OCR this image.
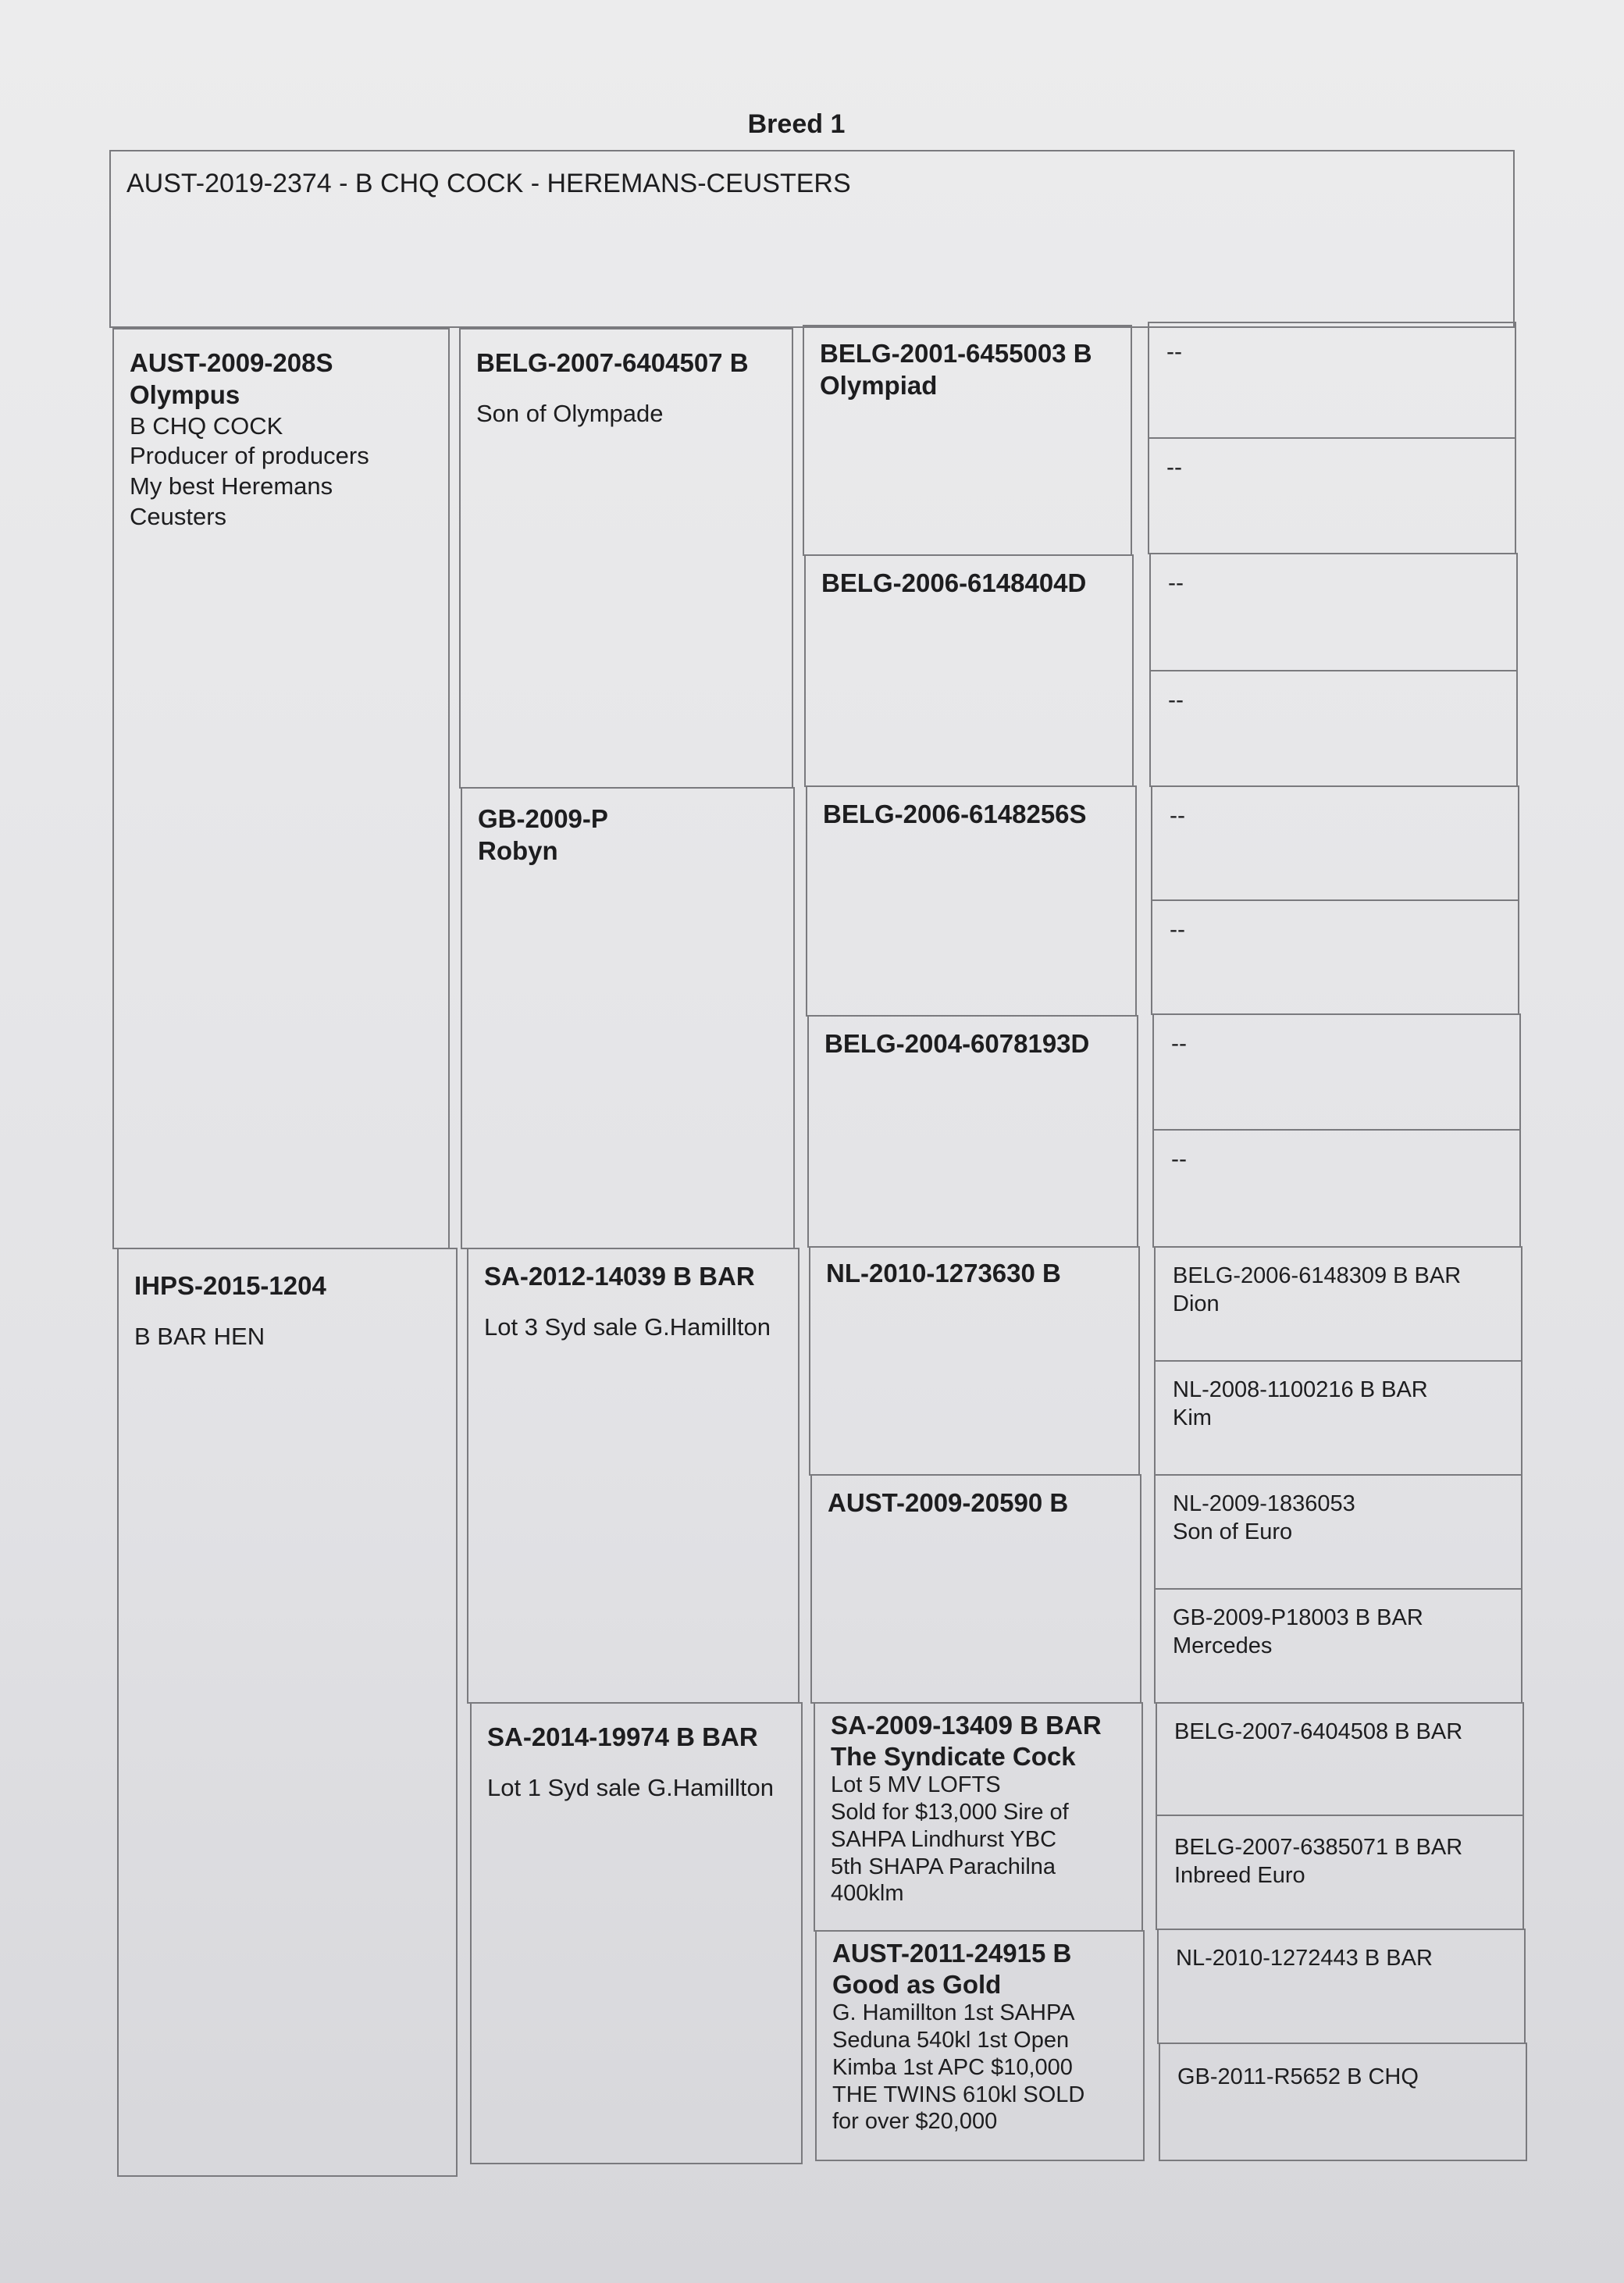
Breed 1
AUST-2019-2374 - B CHQ COCK - HEREMANS-CEUSTERS
AUST-2009-208S
Olympus
B CHQ COCK
Producer of producers
My best Heremans
Ceusters
IHPS-2015-1204
B BAR HEN
BELG-2007-6404507 B
Son of Olympade
GB-2009-P
Robyn
SA-2012-14039 B BAR
Lot 3 Syd sale G.Hamillton
SA-2014-19974 B BAR
Lot 1 Syd sale G.Hamillton
BELG-2001-6455003 B
Olympiad
BELG-2006-6148404D
BELG-2006-6148256S
BELG-2004-6078193D
NL-2010-1273630 B
AUST-2009-20590 B
SA-2009-13409 B BAR
The Syndicate Cock
Lot 5 MV LOFTS
Sold for $13,000 Sire of
SAHPA Lindhurst YBC
5th SHAPA Parachilna
400klm
AUST-2011-24915 B
Good as Gold
G. Hamillton 1st SAHPA
Seduna 540kl 1st Open
Kimba 1st APC $10,000
THE TWINS 610kl SOLD
for over $20,000
--
--
--
--
--
--
--
--
BELG-2006-6148309 B BAR
Dion
NL-2008-1100216 B BAR
Kim
NL-2009-1836053
Son of Euro
GB-2009-P18003 B BAR
Mercedes
BELG-2007-6404508 B BAR
BELG-2007-6385071 B BAR
Inbreed Euro
NL-2010-1272443 B BAR
GB-2011-R5652 B CHQ
